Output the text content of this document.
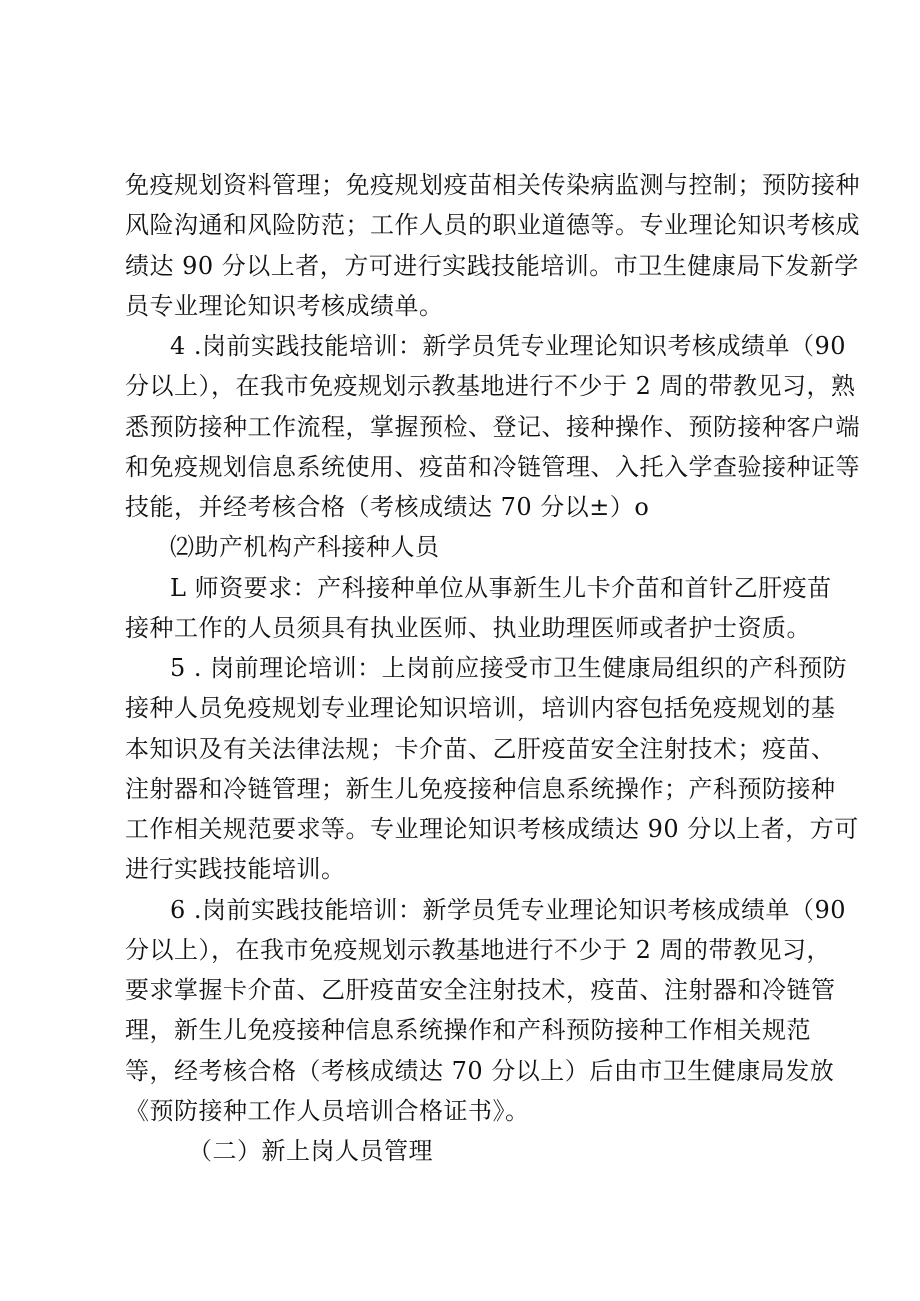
免疫规划资料管理；免疫规划疫苗相关传染病监测与控制；预防接种
风险沟通和风险防范；工作人员的职业道德等。专业理论知识考核成
绩达 90 分以上者，方可进行实践技能培训。市卫生健康局下发新学
员专业理论知识考核成绩单。
4 .岗前实践技能培训：新学员凭专业理论知识考核成绩单（90
分以上），在我市免疫规划示教基地进行不少于 2 周的带教见习，熟
悉预防接种工作流程，掌握预检、登记、接种操作、预防接种客户端
和免疫规划信息系统使用、疫苗和冷链管理、入托入学查验接种证等
技能，并经考核合格（考核成绩达 70 分以±）o
⑵助产机构产科接种人员
L 师资要求：产科接种单位从事新生儿卡介苗和首针乙肝疫苗
接种工作的人员须具有执业医师、执业助理医师或者护士资质。
5 . 岗前理论培训：上岗前应接受市卫生健康局组织的产科预防
接种人员免疫规划专业理论知识培训，培训内容包括免疫规划的基
本知识及有关法律法规；卡介苗、乙肝疫苗安全注射技术；疫苗、
注射器和冷链管理；新生儿免疫接种信息系统操作；产科预防接种
工作相关规范要求等。专业理论知识考核成绩达 90 分以上者，方可
进行实践技能培训。
6 .岗前实践技能培训：新学员凭专业理论知识考核成绩单（90
分以上），在我市免疫规划示教基地进行不少于 2 周的带教见习，
要求掌握卡介苗、乙肝疫苗安全注射技术，疫苗、注射器和冷链管
理，新生儿免疫接种信息系统操作和产科预防接种工作相关规范
等，经考核合格（考核成绩达 70 分以上）后由市卫生健康局发放
《预防接种工作人员培训合格证书》。
（二）新上岗人员管理
